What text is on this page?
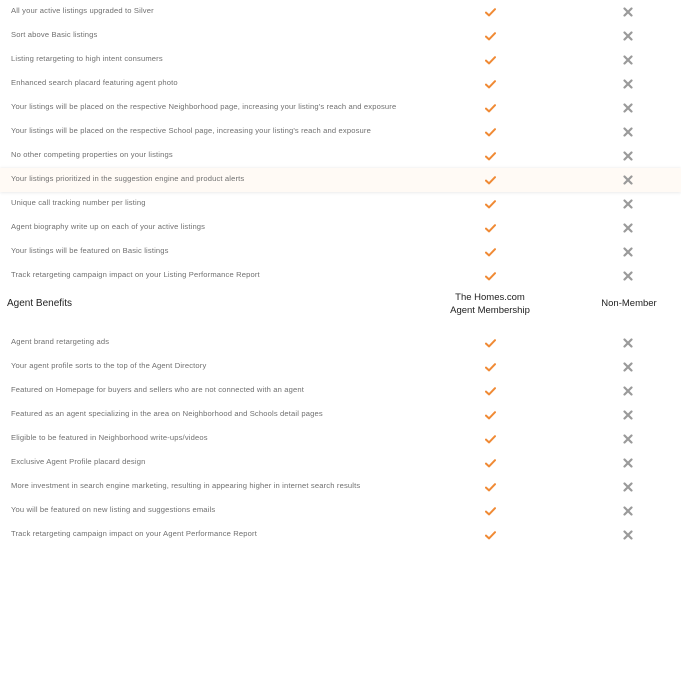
All your active listings upgraded to Silver
Sort above Basic listings
Listing retargeting to high intent consumers
Enhanced search placard featuring agent photo
Your listings will be placed on the respective Neighborhood page, increasing your listing's reach and exposure
Your listings will be placed on the respective School page, increasing your listing's reach and exposure
No other competing properties on your listings
Your listings prioritized in the suggestion engine and product alerts
Unique call tracking number per listing
Agent biography write up on each of your active listings
Your listings will be featured on Basic listings
Track retargeting campaign impact on your Listing Performance Report
Agent Benefits
The Homes.com
Agent Membership
Non-Member
Agent brand retargeting ads
Your agent profile sorts to the top of the Agent Directory
Featured on Homepage for buyers and sellers who are not connected with an agent
Featured as an agent specializing in the area on Neighborhood and Schools detail pages
Eligible to be featured in Neighborhood write-ups/videos
Exclusive Agent Profile placard design
More investment in search engine marketing, resulting in appearing higher in internet search results
You will be featured on new listing and suggestions emails
Track retargeting campaign impact on your Agent Performance Report
